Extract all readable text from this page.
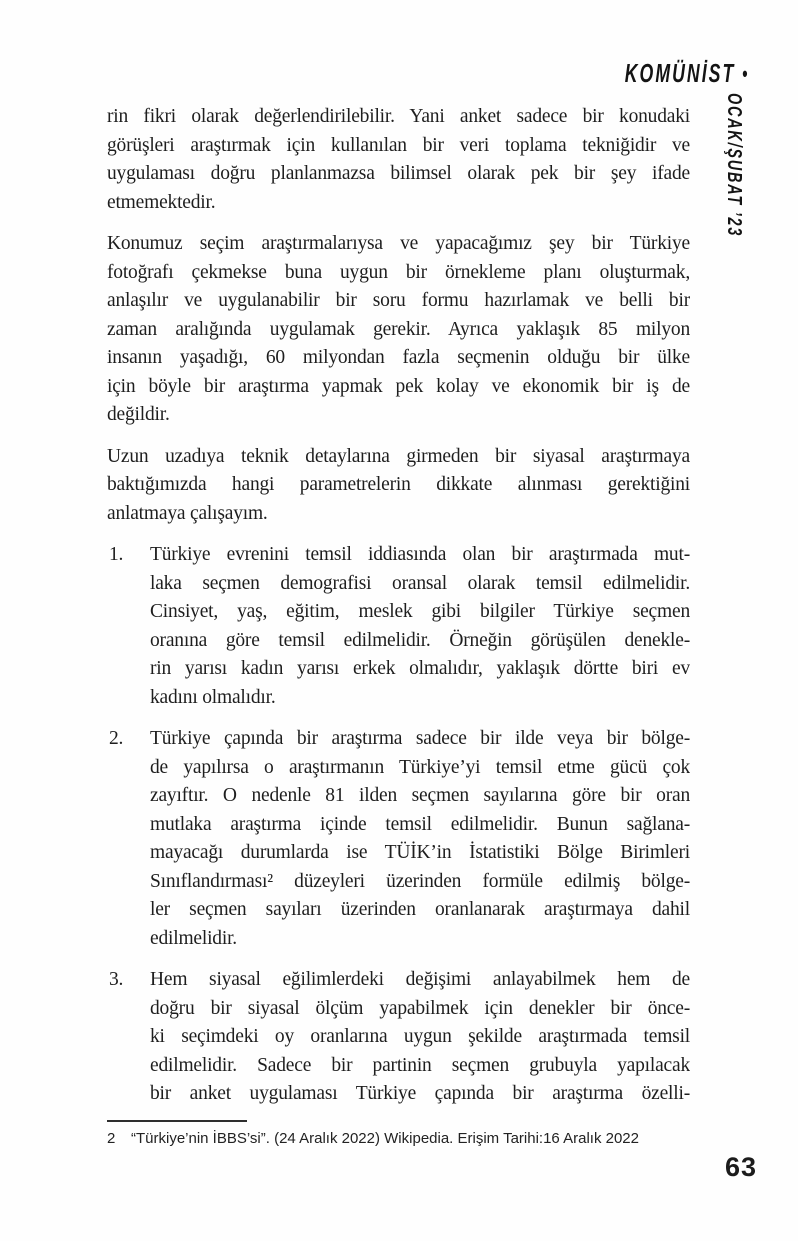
KOMÜNİST •
OCAK/ŞUBAT ’23
rin fikri olarak değerlendirilebilir. Yani anket sadece bir konudaki
görüşleri araştırmak için kullanılan bir veri toplama tekniğidir ve
uygulaması doğru planlanmazsa bilimsel olarak pek bir şey ifade
etmemektedir.
Konumuz seçim araştırmalarıysa ve yapacağımız şey bir Türkiye
fotoğrafı çekmekse buna uygun bir örnekleme planı oluşturmak,
anlaşılır ve uygulanabilir bir soru formu hazırlamak ve belli bir
zaman aralığında uygulamak gerekir. Ayrıca yaklaşık 85 milyon
insanın yaşadığı, 60 milyondan fazla seçmenin olduğu bir ülke
için böyle bir araştırma yapmak pek kolay ve ekonomik bir iş de
değildir.
Uzun uzadıya teknik detaylarına girmeden bir siyasal araştırmaya
baktığımızda hangi parametrelerin dikkate alınması gerektiğini
anlatmaya çalışayım.
1. Türkiye evrenini temsil iddiasında olan bir araştırmada mut-
laka seçmen demografisi oransal olarak temsil edilmelidir.
Cinsiyet, yaş, eğitim, meslek gibi bilgiler Türkiye seçmen
oranına göre temsil edilmelidir. Örneğin görüşülen denekle-
rin yarısı kadın yarısı erkek olmalıdır, yaklaşık dörtte biri ev
kadını olmalıdır.
2. Türkiye çapında bir araştırma sadece bir ilde veya bir bölge-
de yapılırsa o araştırmanın Türkiye’yi temsil etme gücü çok
zayıftır. O nedenle 81 ilden seçmen sayılarına göre bir oran
mutlaka araştırma içinde temsil edilmelidir. Bunun sağlana-
mayacağı durumlarda ise TÜİK’in İstatistiki Bölge Birimleri
Sınıflandırması² düzeyleri üzerinden formüle edilmiş bölge-
ler seçmen sayıları üzerinden oranlanarak araştırmaya dahil
edilmelidir.
3. Hem siyasal eğilimlerdeki değişimi anlayabilmek hem de
doğru bir siyasal ölçüm yapabilmek için denekler bir önce-
ki seçimdeki oy oranlarına uygun şekilde araştırmada temsil
edilmelidir. Sadece bir partinin seçmen grubuyla yapılacak
bir anket uygulaması Türkiye çapında bir araştırma özelli-
2	“Türkiye’nin İBBS’si”. (24 Aralık 2022) Wikipedia. Erişim Tarihi:16 Aralık 2022
63
